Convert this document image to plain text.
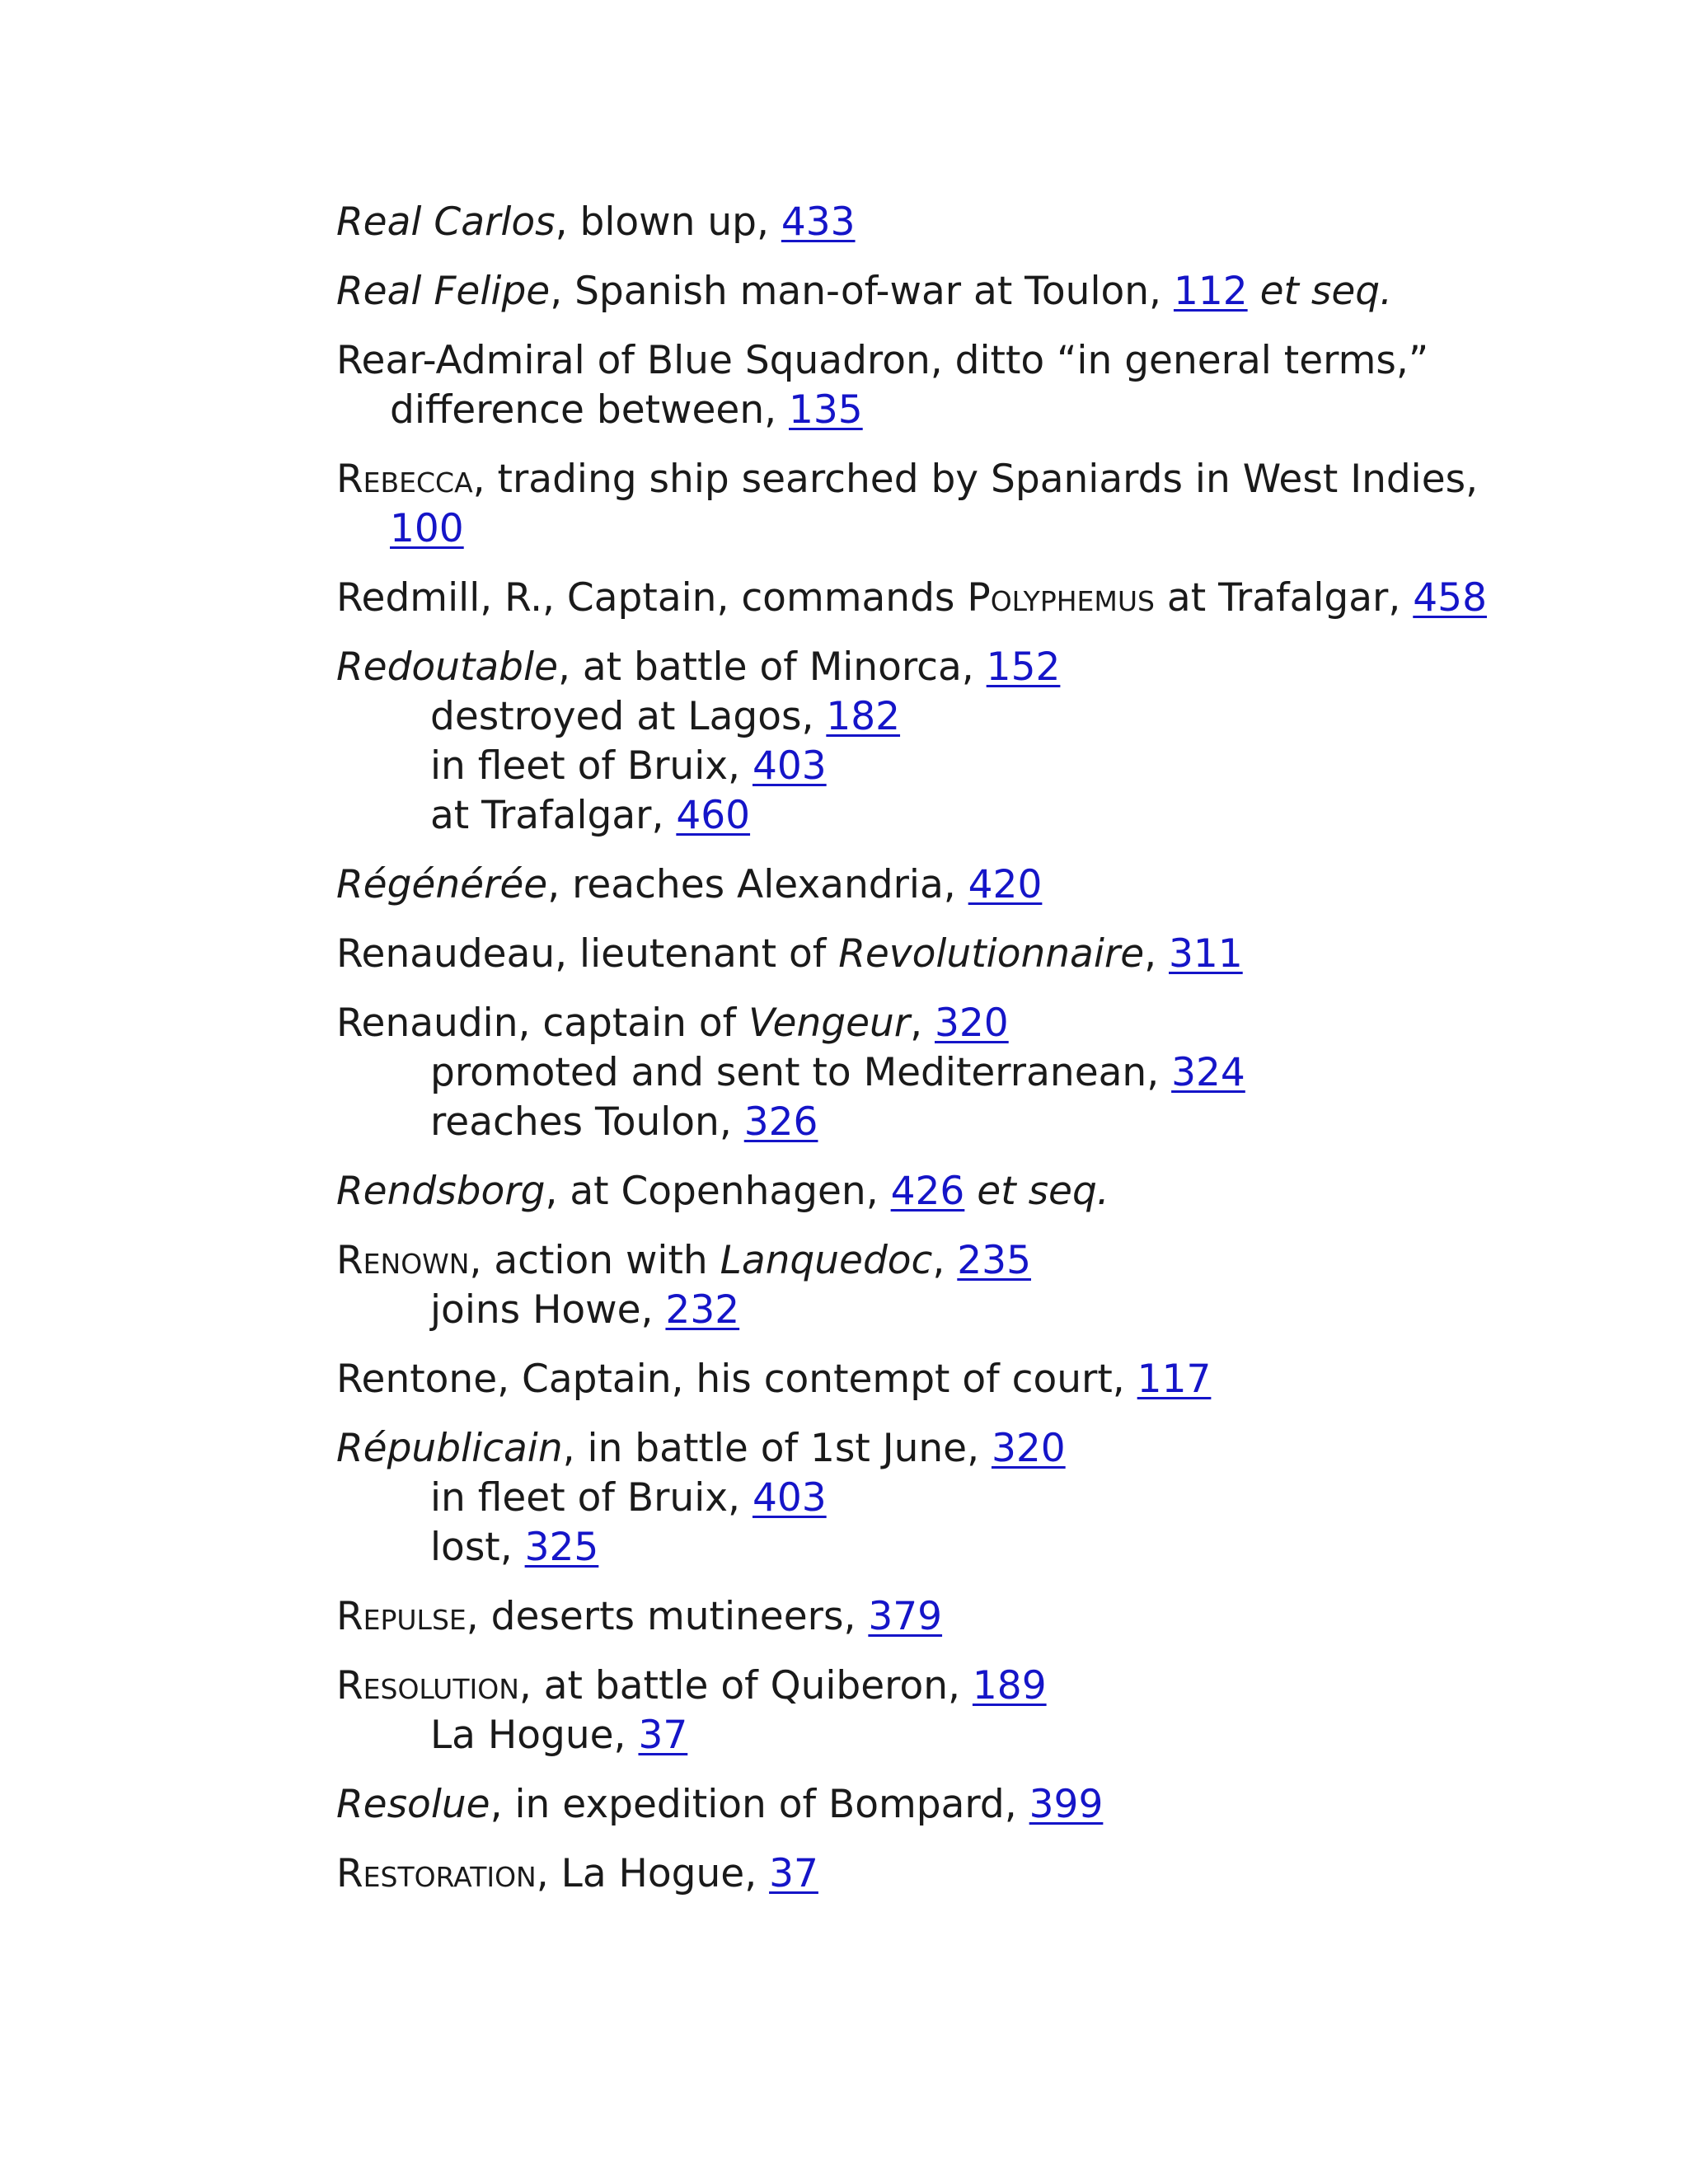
Real Carlos, blown up, 433
Real Felipe, Spanish man-of-war at Toulon, 112 et seq.
Rear-Admiral of Blue Squadron, ditto “in general terms,”
difference between, 135
Rebecca, trading ship searched by Spaniards in West Indies,
100
Redmill, R., Captain, commands Polyphemus at Trafalgar, 458
Redoutable, at battle of Minorca, 152
destroyed at Lagos, 182
in fleet of Bruix, 403
at Trafalgar, 460
Régénérée, reaches Alexandria, 420
Renaudeau, lieutenant of Revolutionnaire, 311
Renaudin, captain of Vengeur, 320
promoted and sent to Mediterranean, 324
reaches Toulon, 326
Rendsborg, at Copenhagen, 426 et seq.
Renown, action with Lanquedoc, 235
joins Howe, 232
Rentone, Captain, his contempt of court, 117
Républicain, in battle of 1st June, 320
in fleet of Bruix, 403
lost, 325
Repulse, deserts mutineers, 379
Resolution, at battle of Quiberon, 189
La Hogue, 37
Resolue, in expedition of Bompard, 399
Restoration, La Hogue, 37
